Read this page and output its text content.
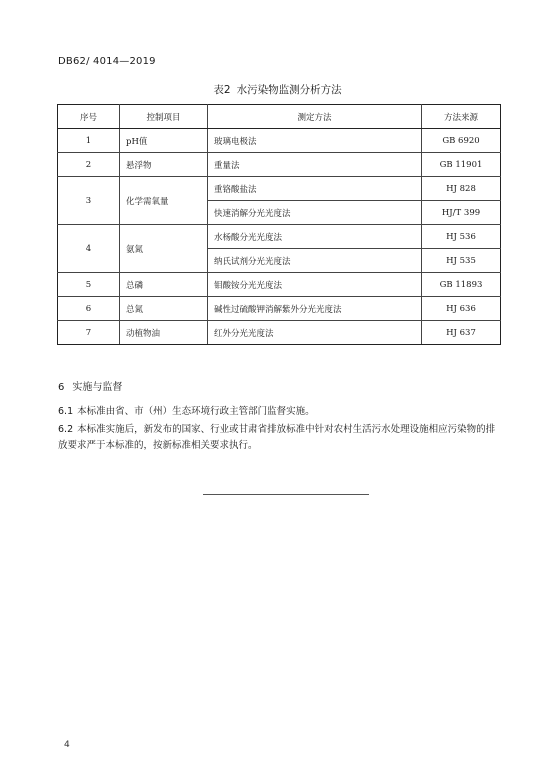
DB62/ 4014—2019
表2 水污染物监测分析方法
序号	控制项目	测定方法	方法来源
1	pH值	玻璃电极法	GB 6920
2	悬浮物	重量法	GB 11901
3	化学需氧量	重铬酸盐法	HJ 828
		快速消解分光光度法	HJ/T 399
4	氨氮	水杨酸分光光度法	HJ 536
		纳氏试剂分光光度法	HJ 535
5	总磷	钼酸铵分光光度法	GB 11893
6	总氮	碱性过硫酸钾消解紫外分光光度法	HJ 636
7	动植物油	红外分光光度法	HJ 637
6 实施与监督
6.1 本标准由省、市（州）生态环境行政主管部门监督实施。
6.2 本标准实施后，新发布的国家、行业或甘肃省排放标准中针对农村生活污水处理设施相应污染物的排放要求严于本标准的，按新标准相关要求执行。
4
